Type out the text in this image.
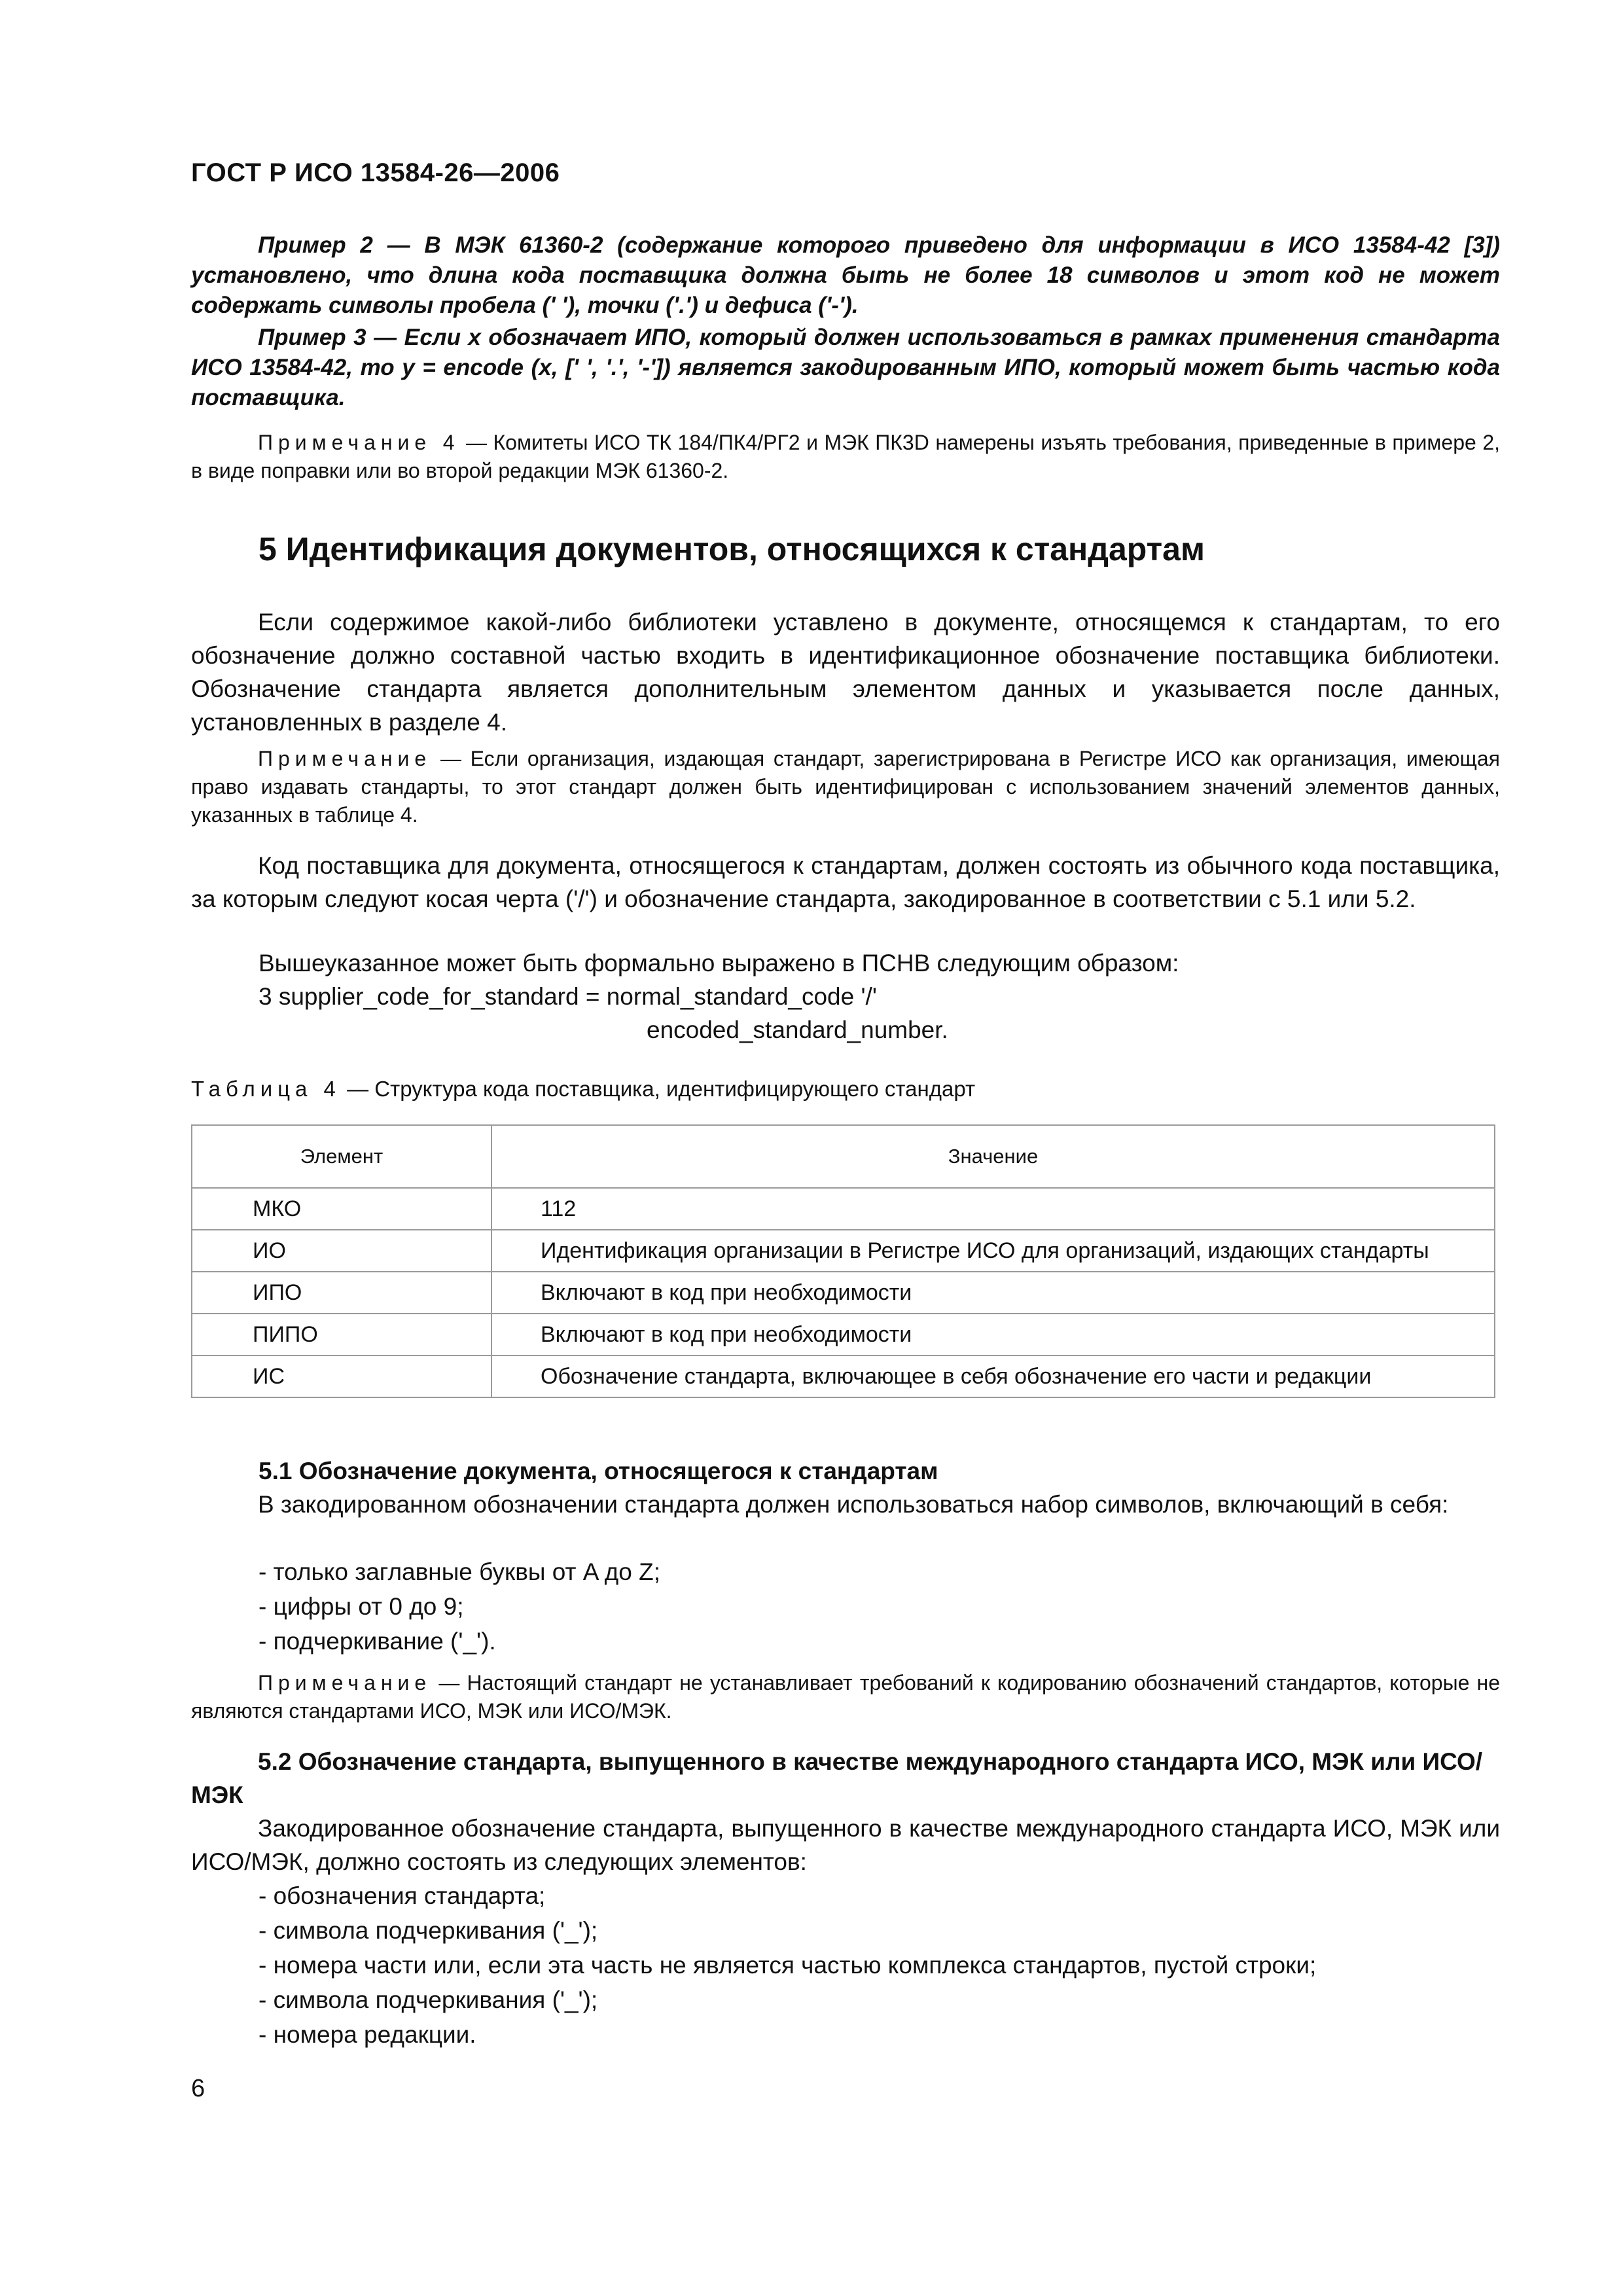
ГОСТ Р ИСО 13584-26—2006
Пример 2 — В МЭК 61360-2 (содержание которого приведено для информации в ИСО 13584-42 [3]) установлено, что длина кода поставщика должна быть не более 18 символов и этот код не может содержать символы пробела (' '), точки ('.') и дефиса ('-').
Пример 3 — Если x обозначает ИПО, который должен использоваться в рамках применения стандарта ИСО 13584-42, то y = encode (x, [' ', '.', '-']) является закодированным ИПО, который может быть частью кода поставщика.
Примечание 4 — Комитеты ИСО ТК 184/ПК4/РГ2 и МЭК ПК3D намерены изъять требования, приведенные в примере 2, в виде поправки или во второй редакции МЭК 61360-2.
5 Идентификация документов, относящихся к стандартам
Если содержимое какой-либо библиотеки уставлено в документе, относящемся к стандартам, то его обозначение должно составной частью входить в идентификационное обозначение поставщика библиотеки. Обозначение стандарта является дополнительным элементом данных и указывается после данных, установленных в разделе 4.
Примечание — Если организация, издающая стандарт, зарегистрирована в Регистре ИСО как организация, имеющая право издавать стандарты, то этот стандарт должен быть идентифицирован с использованием значений элементов данных, указанных в таблице 4.
Код поставщика для документа, относящегося к стандартам, должен состоять из обычного кода поставщика, за которым следуют косая черта ('/') и обозначение стандарта, закодированное в соответствии с 5.1 или 5.2.
Вышеуказанное может быть формально выражено в ПСНВ следующим образом:
3 supplier_code_for_standard = normal_standard_code '/'
encoded_standard_number.
Таблица 4 — Структура кода поставщика, идентифицирующего стандарт
Элемент	Значение
МКО	112
ИО	Идентификация организации в Регистре ИСО для организаций, издающих стандарты
ИПО	Включают в код при необходимости
ПИПО	Включают в код при необходимости
ИС	Обозначение стандарта, включающее в себя обозначение его части и редакции
5.1 Обозначение документа, относящегося к стандартам
В закодированном обозначении стандарта должен использоваться набор символов, включающий в себя:
- только заглавные буквы от A до Z;
- цифры от 0 до 9;
- подчеркивание ('_').
Примечание — Настоящий стандарт не устанавливает требований к кодированию обозначений стандартов, которые не являются стандартами ИСО, МЭК или ИСО/МЭК.
5.2 Обозначение стандарта, выпущенного в качестве международного стандарта ИСО, МЭК или ИСО/МЭК
Закодированное обозначение стандарта, выпущенного в качестве международного стандарта ИСО, МЭК или ИСО/МЭК, должно состоять из следующих элементов:
- обозначения стандарта;
- символа подчеркивания ('_');
- номера части или, если эта часть не является частью комплекса стандартов, пустой строки;
- символа подчеркивания ('_');
- номера редакции.
6
